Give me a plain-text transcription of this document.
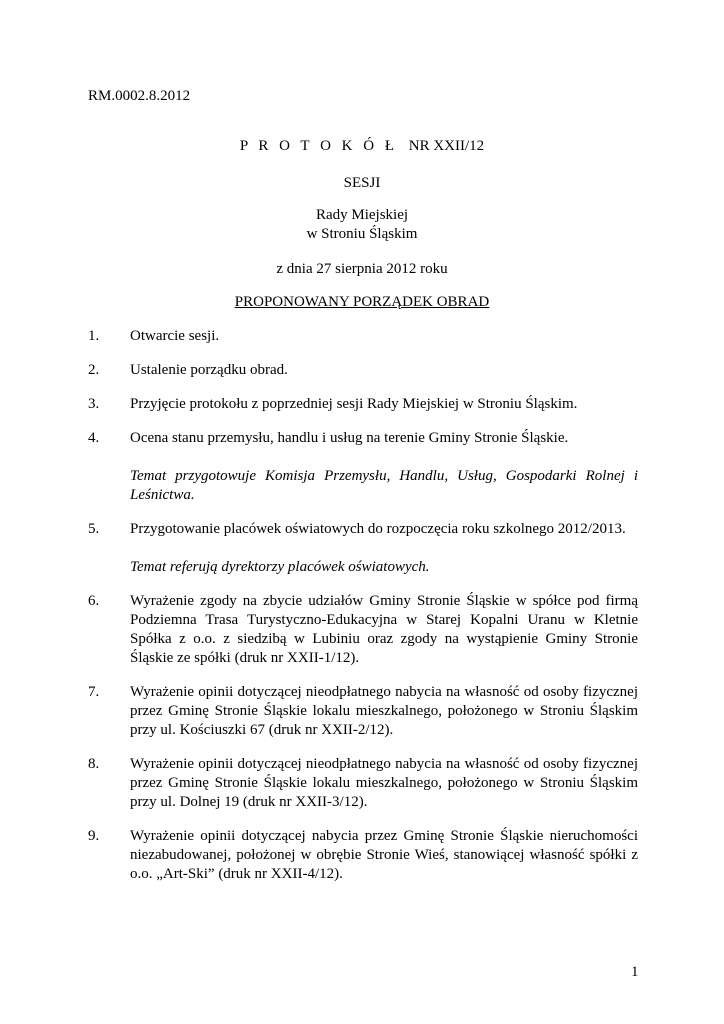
RM.0002.8.2012
P R O T O K Ó Ł NR XXII/12
SESJI
Rady Miejskiej
w Stroniu Śląskim
z dnia 27 sierpnia 2012 roku
PROPONOWANY PORZĄDEK OBRAD
1.	Otwarcie sesji.
2.	Ustalenie porządku obrad.
3.	Przyjęcie protokołu z poprzedniej sesji Rady Miejskiej w Stroniu Śląskim.
4.	Ocena stanu przemysłu, handlu i usług na terenie Gminy Stronie Śląskie.
Temat przygotowuje Komisja Przemysłu, Handlu, Usług, Gospodarki Rolnej i Leśnictwa.
5.	Przygotowanie placówek oświatowych do rozpoczęcia roku szkolnego 2012/2013.
Temat referują dyrektorzy placówek oświatowych.
6.	Wyrażenie zgody na zbycie udziałów Gminy Stronie Śląskie w spółce pod firmą Podziemna Trasa Turystyczno-Edukacyjna w Starej Kopalni Uranu w Kletnie Spółka z o.o. z siedzibą w Lubiniu oraz zgody na wystąpienie Gminy Stronie Śląskie ze spółki (druk nr XXII-1/12).
7.	Wyrażenie opinii dotyczącej nieodpłatnego nabycia na własność od osoby fizycznej przez Gminę Stronie Śląskie lokalu mieszkalnego, położonego w Stroniu Śląskim przy ul. Kościuszki 67 (druk nr XXII-2/12).
8.	Wyrażenie opinii dotyczącej nieodpłatnego nabycia na własność od osoby fizycznej przez Gminę Stronie Śląskie lokalu mieszkalnego, położonego w Stroniu Śląskim przy ul. Dolnej 19 (druk nr XXII-3/12).
9.	Wyrażenie opinii dotyczącej nabycia przez Gminę Stronie Śląskie nieruchomości niezabudowanej, położonej w obrębie Stronie Wieś, stanowiącej własność spółki z o.o. „Art-Ski” (druk nr XXII-4/12).
1
